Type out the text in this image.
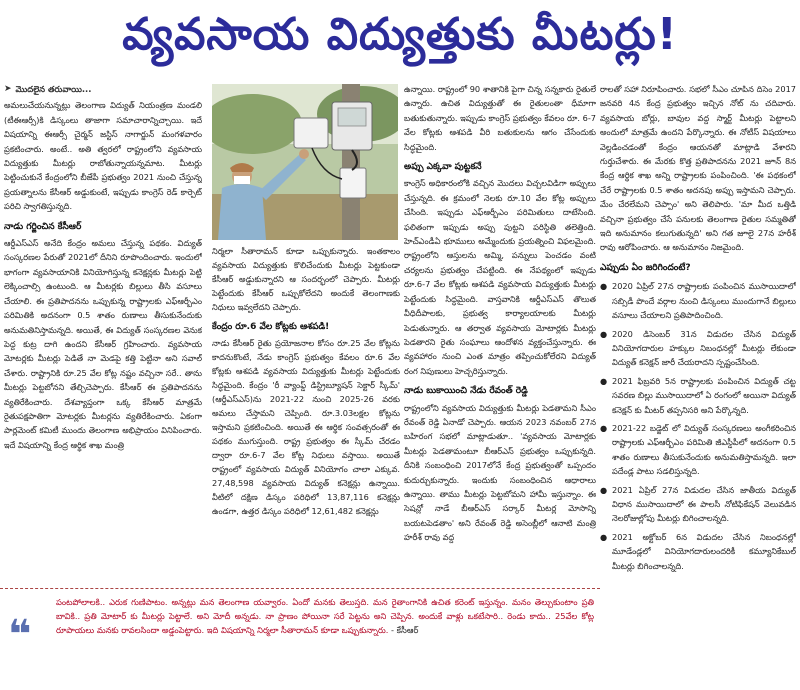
వ్యవసాయ విద్యుత్తుకు మీటర్లు!
➤ మొదలైన తరువాయి...

అమలుచేయనున్నట్లు తెలంగాణ విద్యుత్ నియంత్రణ మండలి (టీఈఆర్సీ)కి డిస్కంలు తాజాగా సమాచారాన్నిచ్చాయి. ఇదే విషయాన్ని ఈఆర్సీ చైర్మన్ జస్టిస్ నాగార్జున్ మంగళవారం ప్రకటించారు. అంటే.. అతి త్వరలో రాష్ట్రంలోని వ్యవసాయ విద్యుత్తుకు మీటర్లు రాబోతున్నాయన్నమాట. మీటర్లు పెట్టించుకునే కేంద్రంలోని బీజేపీ ప్రభుత్వం 2021 నుంచి చేస్తున్న ప్రయత్నాలను కేసీఆర్ అడ్డుకుంటే, ఇప్పుడు కాంగ్రెస్ రెడ్ కార్పెట్ పరిచి స్వాగతిస్తున్నది.

నాడు గర్జించిన కేసీఆర్

ఆర్డీఎస్ఎస్ అనేది కేంద్రం అమలు చేస్తున్న పథకం. విద్యుత్ సంస్కరణల పేరుతో 2021లో దీనిని రూపొందించారు. ఇందులో భాగంగా వ్యవసాయానికి వినియోగిస్తున్న కనెక్షన్లకు మీటర్లు పెట్టి లెక్కించాల్సి ఉంటుంది. ఆ మీటర్లకు బిల్లులు తీసి వసూలు చేయాలి. ఈ ప్రతిపాదనను ఒప్పుకున్న రాష్ట్రాలకు ఎఫ్ఆర్బీఎం పరిమితికి అదనంగా 0.5 శాతం రుణాలు తీసుకునేందుకు అనుమతినిస్తామన్నది. అయితే, ఈ విద్యుత్ సంస్కరణల వెనుక పెద్ద కుట్ర దాగి ఉందని కేసీఆర్ గ్రహించారు. వ్యవసాయ మోటర్లకు మీటర్లు పెడితే నా మెడపై కత్తి పెట్టినా అని సవాల్ చేశారు. రాష్ట్రానికి రూ.25 వేల కోట్ల నష్టం వచ్చినా సరే.. తాను మీటర్లు పెట్టబోనని తేల్చిచెప్పారు. కేసీఆర్ ఈ ప్రతిపాదనను వ్యతిరేకించారు. దేశవ్యాప్తంగా ఒక్క కేసీఆర్ మాత్రమే రైతుపక్షపాతిగా మోటర్లకు మీటర్లను వ్యతిరేకించారు. ఏకంగా పార్లమెంట్ కమిటీ ముందు తెలంగాణ అభిప్రాయం వినిపించారు. ఇదే విషయాన్ని కేంద్ర ఆర్థిక శాఖ మంత్రి

నిర్మలా సీతారామన్ కూడా ఒప్పుకున్నారు. ఇంతకాలం వ్యవసాయ విద్యుత్తుకు కొలిచేందుకు మీటర్లు పెట్టకుండా కేసీఆర్ అడ్డుకున్నారని ఆ సందర్భంలో చెప్పారు. మీటర్లు పెట్టేందుకు కేసీఆర్ ఒప్పుకోలేదని అందుకే తెలంగాణకు నిధులు ఇవ్వలేదని చెప్పారు.

కేంద్రం రూ.6 వేల కోట్లకు ఆశపడి!

నాడు కేసీఆర్ రైతు ప్రయోజనాల కోసం రూ.25 వేల కోట్లను కాదనుకొంటే, నేడు కాంగ్రెస్ ప్రభుత్వం కేవలం రూ.6 వేల కోట్లకు ఆశపడి వ్యవసాయ విద్యుత్తుకు మీటర్లు పెట్టేందుకు సిద్ధమైంది. కేంద్రం 'రీ వ్యాంప్డ్ డిస్ట్రిబ్యూషన్ సెక్టార్ స్కీమ్' (ఆర్డీఎస్ఎస్)ను 2021-22 నుంచి 2025-26 వరకు అమలు చేస్తామని చెప్పింది. రూ.3.03లక్షల కోట్లను ఇస్తామని ప్రకటించింది. అయితే ఈ ఆర్థిక సంవత్సరంతో ఈ పథకం ముగుస్తుంది. రాష్ట్ర ప్రభుత్వం ఈ స్కీమ్ చేరడం ద్వారా రూ.6-7 వేల కోట్ల నిధులు వస్తాయి. అయితే రాష్ట్రంలో వ్యవసాయ విద్యుత్ వినియోగం చాలా ఎక్కువ. 27,48,598 వ్యవసాయ విద్యుత్ కనెక్షన్లు ఉన్నాయి. వీటిలో దక్షిణ డిస్కం పరిధిలో 13,87,116 కనెక్షన్లు ఉండగా, ఉత్తర డిస్కం పరిధిలో 12,61,482 కనెక్షన్లు

ఉన్నాయి. రాష్ట్రంలో 90 శాతానికి పైగా చిన్న సన్నకారు రైతులే ఉన్నారు. ఉచిత విద్యుత్తుతో ఈ రైతులంతా ధీమాగా బతుకుతున్నారు. ఇప్పుడు కాంగ్రెస్ ప్రభుత్వం కేవలం రూ. 6-7 వేల కోట్లకు ఆశపడి వీరి బతుకులను ఆగం చేసేందుకు సిద్ధమైంది.

అప్పు ఎక్కవా పుట్టకనే

కాంగ్రెస్ అధికారంలోకి వచ్చిన మొదలు విచ్చలవిడిగా అప్పులు చేస్తున్నది. ఈ క్రమంలో నెలకు రూ.10 వేల కోట్ల అప్పులు చేసింది. ఇప్పుడు ఎఫ్ఆర్బీఎం పరిమితులు దాటేసింది. ఫలితంగా ఇప్పుడు అప్పు పుట్టని పరిస్థితి తలెత్తింది. హెచ్ఎండీఏ భూములు అమ్మేందుకు ప్రయత్నించి విఫలమైంది. రాష్ట్రంలోని ఆస్తులను అమ్మి, పన్నులు పెంచడం వంటి చర్యలను ప్రభుత్వం చేపట్టింది. ఈ నేపథ్యంలో ఇప్పుడు రూ.6-7 వేల కోట్లకు ఆశపడి వ్యవసాయ విద్యుత్తుకు మీటర్లు పెట్టేందుకు సిద్ధమైంది. వాస్తవానికి ఆర్డీఎస్ఎస్ తొలుత వీధిదీపాలకు, ప్రభుత్వ కార్యాలయాలకు మీటర్లు పెడుతున్నారు. ఆ తర్వాత వ్యవసాయ మోటార్లకు మీటర్లు పెడతారని రైతు సంఘాలు ఆందోళన వ్యక్తంచేస్తున్నారు. ఈ వ్యవహారం నుంచి ఎంత మాత్రం తప్పించుకోలేరని విద్యుత్ రంగ నిపుణులు హెచ్చరిస్తున్నారు.

నాడు బుకాయించి నేడు రేవంత్ రెడ్డి

రాష్ట్రంలోని వ్యవసాయ విద్యుత్తుకు మీటర్లు పెడతామని సీఎం రేవంత్ రెడ్డి ఏనాడో చెప్పారు. ఆయన 2023 నవంబర్ 27న బహిరంగ సభలో మాట్లాడుతూ.. 'వ్యవసాయ మోటార్లకు మీటర్లు పెడతామంటూ బీఆర్ఎస్ ప్రభుత్వం ఒప్పుకున్నది. దీనికి సంబంధించి 2017లోనే కేంద్ర ప్రభుత్వంతో ఒప్పందం కుదుర్చుకున్నారు. ఇందుకు సంబంధించిన ఆధారాలు ఉన్నాయి. తాము మీటర్లు పెట్టబోమని హామీ ఇస్తున్నాం. ఈ సెషన్లో నాడే బీఆర్ఎస్ సర్కార్ మీటర్ల మోసాన్ని బయటపెడతాం' అని రేవంత్ రెడ్డి అసెంబ్లీలో ఆనాటి మంత్రి హరీశ్ రావు వద్ద

రాలతో సహా నిరూపించారు. సభలో సీఎం చూపిన దిసెం 2017 జనవరి 4న కేంద్ర ప్రభుత్వం ఇచ్చిన నోట్ ను చదివారు. వ్యవసాయ బోర్లు, బావుల వద్ద స్మార్ట్ మీటర్లు పెట్టాలని అందులో మాత్రమే ఉందని పేర్కొన్నారు. ఈ నోటీస్ విషయాలు వెల్లడించడంతో కేంద్రం ఆయనతో మాట్లాడి వేశారని గుర్తుచేశారు. ఈ మేరకు కొత్త ప్రతిపాదనను 2021 జూన్ 8న కేంద్ర ఆర్థిక శాఖ అన్ని రాష్ట్రాలకు పంపించింది. 'ఈ పథకంలో చేరే రాష్ట్రాలకు 0.5 శాతం అదనపు అప్పు ఇస్తామని చెప్పారు. మేం చేరలేమని చెప్పాం' అని తెలిపారు. 'మా మీద ఒత్తిడి వచ్చినా ప్రభుత్వం చేసే పనులకు తెలంగాణ రైతుల సమ్మతితో ఇది అనుమానం కలుగుతున్నది' అని గత జూలై 27న హరీశ్ రావు ఆరోపించారు. ఆ అనుమానం నిజమైంది.

ఎప్పుడు ఏం జరిగిందంటే?
● 2020 ఏప్రిల్ 27న రాష్ట్రాలకు పంపించిన ముసాయిదాలో సబ్సిడీ పొందే వర్గాల నుంచి డిస్కంలు ముందుగానే బిల్లులు వసూలు చేయాలని ప్రతిపాదించింది.
● 2020 డిసెంబర్ 31న విడుదల చేసిన విద్యుత్ వినియోగదారుల హక్కుల నిబంధనల్లో మీటర్లు లేకుండా విద్యుత్ కనెక్షన్ జారీ చేయరాదని స్పష్టంచేసింది.
● 2021 ఫిబ్రవరి 5న రాష్ట్రాలకు పంపించిన విద్యుత్ చట్ట సవరణ బిల్లు ముసాయిదాలో ఏ రంగంలో అయినా విద్యుత్ కనెక్షన్ కు మీటర్ తప్పనిసరి అని పేర్కొన్నది.
● 2021-22 బడ్జెట్ లో విద్యుత్ సంస్కరణలు అంగీకరించిన రాష్ట్రాలకు ఎఫ్ఆర్బీఎం పరిమితి జీఎస్డీపీలో అదనంగా 0.5 శాతం రుణాలు తీసుకునేందుకు అనుమతిస్తామన్నది. ఇలా పదేండ్ల పాటు సడలిస్తున్నది.
● 2021 ఏప్రిల్ 27న విడుదల చేసిన జాతీయ విద్యుత్ విధాన ముసాయిదాలో ఈ పాలసీ నోటిఫికేషన్ వెలువడిన నెలరోజుల్లోపు మీటర్లు బిగించాలన్నది.
● 2021 అక్టోబర్ 6న విడుదల చేసిన నిబంధనల్లో మూడేండ్లలో వినియోగదారులందరికీ కమ్యూనికేబుల్ మీటర్లు బిగించాలన్నది.
❝
పంటపోలాలకి.. ఎరుక గుణిపాటం. అన్నట్లు మన తెలంగాణ యవ్వారం. ఏందో మనకు తెలుస్తది. మన రైతాంగానికి ఉచిత కరెంట్ ఇస్తున్నం. మనం తెల్చుకుంటాం ప్రతి బావికి.. ప్రతి మోటార్ కు మీటర్లు పెట్టాలే. అని మోదీ అన్నడు. నా ప్రాణం పోయినా సరే పెట్టను అని చెప్పిన. అందుకే వాళ్లు ఒకటేసారి.. రెండు కాదు.. 25వేల కోట్ల రూపాయలు మనకు రావలసిందా అడ్డంపెట్టారు. ఇది విషయాన్ని నిర్మలా సీతారామన్ కూడా ఒప్పుకున్నారు. - కేసీఆర్
